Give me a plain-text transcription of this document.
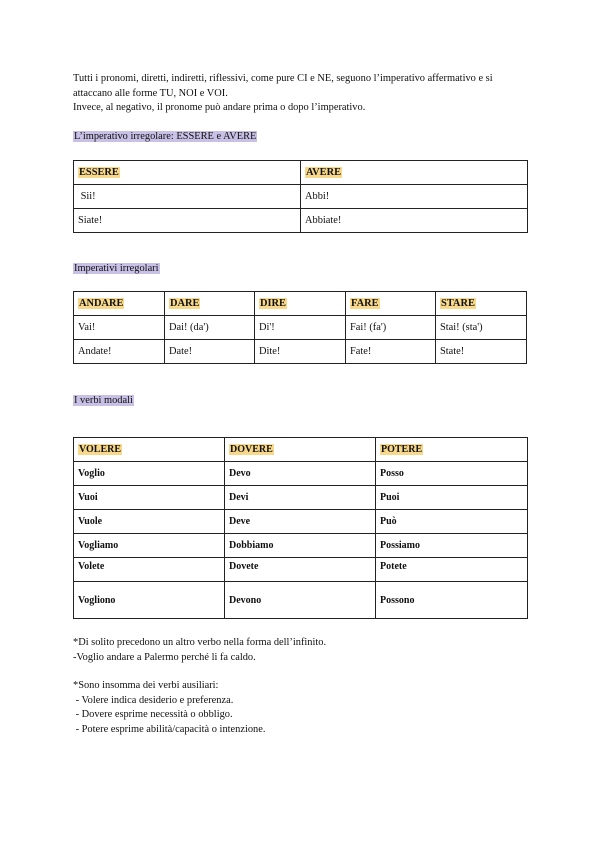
Tutti i pronomi, diretti, indiretti, riflessivi, come pure CI e NE, seguono l’imperativo affermativo e si attaccano alle forme TU, NOI e VOI.

Invece, al negativo, il pronome può andare prima o dopo l’imperativo.

L’imperativo irregolare: ESSERE e AVERE
ESSERE	AVERE
Sii!	Abbi!
Siate!	Abbiate!
Imperativi irregolari
ANDARE	DARE	DIRE	FARE	STARE
Vai!	Dai! (da')	Di'!	Fai! (fa')	Stai! (sta')
Andate!	Date!	Dite!	Fate!	State!
I verbi modali
VOLERE	DOVERE	POTERE
Voglio	Devo	Posso
Vuoi	Devi	Puoi
Vuole	Deve	Può
Vogliamo	Dobbiamo	Possiamo
Volete	Dovete	Potete
Vogliono	Devono	Possono

*Di solito precedono un altro verbo nella forma dell’infinito.

-Voglio andare a Palermo perché li fa caldo.

*Sono insomma dei verbi ausiliari:

- Volere indica desiderio e preferenza.

- Dovere esprime necessità o obbligo.

- Potere esprime abilità/capacità o intenzione.
